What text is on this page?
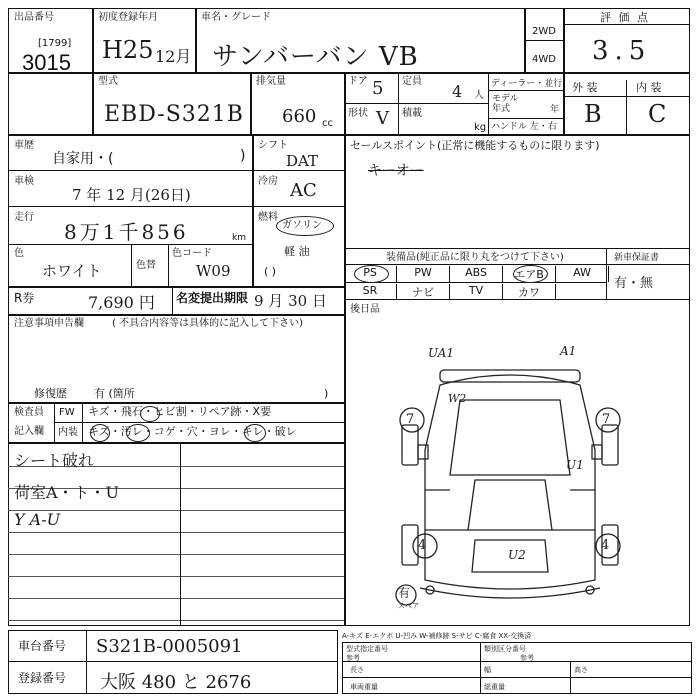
出品番号
[1799]
3015
初度登録年月
H25 12月
車名・グレード
サンバーバン VB
2WD
4WD
評 価 点
3.5
型式
EBD-S321B
排気量
660 cc
ドア 5 定員
4 人
形状 V 積載
kg
ディーラー・並行
モデル
年式	年
ハンドル 左・右
外 装	内 装
B C
車歴
自家用・(	)
車検
7 年 12 月(26日)
走行
8万1千856	km
色
ホワイト	色替
色コード
W09
シフト
DAT
冷房 AC
燃料
ガソリン
軽 油
( )
R券	7,690 円 名変提出期限 9 月 30 日
セールスポイント(正常に機能するものに限ります)
キーオー
装備品(純正品に限り丸をつけて下さい)	新車保証書
PS	PW	ABS	エアB	AW
SR	ナビ	TV	カワ
有・無
後日品
注意事項申告欄	( 不具合内容等は具体的に記入して下さい)
修復歴 有 (箇所	)
検査員
記入欄
FW キズ・飛石・ヒビ割・リペア跡・X要
内装 キズ・汚レ・コゲ・穴・ヨレ・キレ・破レ
シート破れ
荷室A・ト・U
Y A-U
UA1	A1
W2
U1
U2
4	4
7	7
有
スペア
車台番号 S321B-0005091
登録番号 大阪 480 と 2676
A-キズ E-エクボ U-凹み W-補修跡 S-サビ C-腐食 XX-交換済
型式指定番号
参考
類別区分番号
参考
長さ	幅	高さ
車両重量	総重量
